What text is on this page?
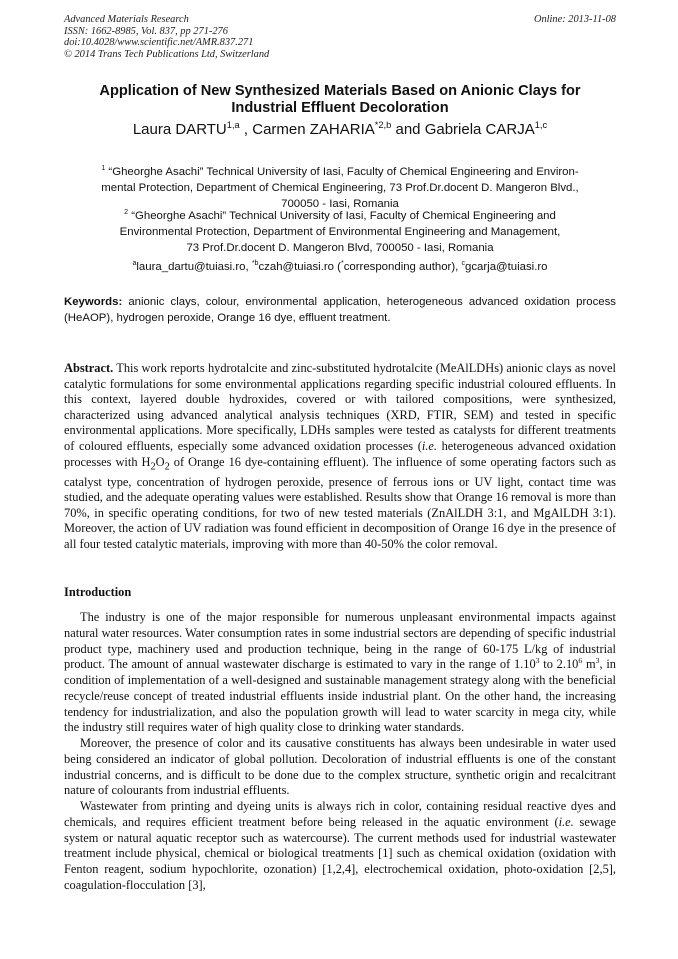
Advanced Materials Research
ISSN: 1662-8985, Vol. 837, pp 271-276
doi:10.4028/www.scientific.net/AMR.837.271
© 2014 Trans Tech Publications Ltd, Switzerland
Online: 2013-11-08
Application of New Synthesized Materials Based on Anionic Clays for
Industrial Effluent Decoloration
Laura DARTU$^{1,a}$ , Carmen ZAHARIA$^{*2,b}$ and Gabriela CARJA$^{1,c}$
$^1$ “Gheorghe Asachi” Technical University of Iasi, Faculty of Chemical Engineering and Environ-
mental Protection, Department of Chemical Engineering, 73 Prof.Dr.docent D. Mangeron Blvd.,
700050 - Iasi, Romania
$^2$ “Gheorghe Asachi” Technical University of Iasi, Faculty of Chemical Engineering and
Environmental Protection, Department of Environmental Engineering and Management,
73 Prof.Dr.docent D. Mangeron Blvd, 700050 - Iasi, Romania
$^a$laura_dartu@tuiasi.ro, $^{*b}$czah@tuiasi.ro (*corresponding author), $^c$gcarja@tuiasi.ro
Keywords: anionic clays, colour, environmental application, heterogeneous advanced oxidation process (HeAOP), hydrogen peroxide, Orange 16 dye, effluent treatment.
Abstract. This work reports hydrotalcite and zinc-substituted hydrotalcite (MeAlLDHs) anionic clays as novel catalytic formulations for some environmental applications regarding specific industrial coloured effluents. In this context, layered double hydroxides, covered or with tailored compositions, were synthesized, characterized using advanced analytical analysis techniques (XRD, FTIR, SEM) and tested in specific environmental applications. More specifically, LDHs samples were tested as catalysts for different treatments of coloured effluents, especially some advanced oxidation processes (i.e. heterogeneous advanced oxidation processes with $H_2O_2$ of Orange 16 dye-containing effluent). The influence of some operating factors such as catalyst type, concentration of hydrogen peroxide, presence of ferrous ions or UV light, contact time was studied, and the adequate operating values were established. Results show that Orange 16 removal is more than 70%, in specific operating conditions, for two of new tested materials (ZnAlLDH 3:1, and MgAlLDH 3:1). Moreover, the action of UV radiation was found efficient in decomposition of Orange 16 dye in the presence of all four tested catalytic materials, improving with more than 40-50% the color removal.
Introduction

The industry is one of the major responsible for numerous unpleasant environmental impacts against natural water resources. Water consumption rates in some industrial sectors are depending of specific industrial product type, machinery used and production technique, being in the range of 60-175 L/kg of industrial product. The amount of annual wastewater discharge is estimated to vary in the range of 1.10$^3$ to 2.10$^6$ $m^3$, in condition of implementation of a well-designed and sustainable management strategy along with the beneficial recycle/reuse concept of treated industrial effluents inside industrial plant. On the other hand, the increasing tendency for industrialization, and also the population growth will lead to water scarcity in mega city, while the industry still requires water of high quality close to drinking water standards.

Moreover, the presence of color and its causative constituents has always been undesirable in water used being considered an indicator of global pollution. Decoloration of industrial effluents is one of the constant industrial concerns, and is difficult to be done due to the complex structure, synthetic origin and recalcitrant nature of colourants from industrial effluents.

Wastewater from printing and dyeing units is always rich in color, containing residual reactive dyes and chemicals, and requires efficient treatment before being released in the aquatic environment (i.e. sewage system or natural aquatic receptor such as watercourse). The current methods used for industrial wastewater treatment include physical, chemical or biological treatments [1] such as chemical oxidation (oxidation with Fenton reagent, sodium hypochlorite, ozonation) [1,2,4], electrochemical oxidation, photo-oxidation [2,5], coagulation-flocculation [3],
